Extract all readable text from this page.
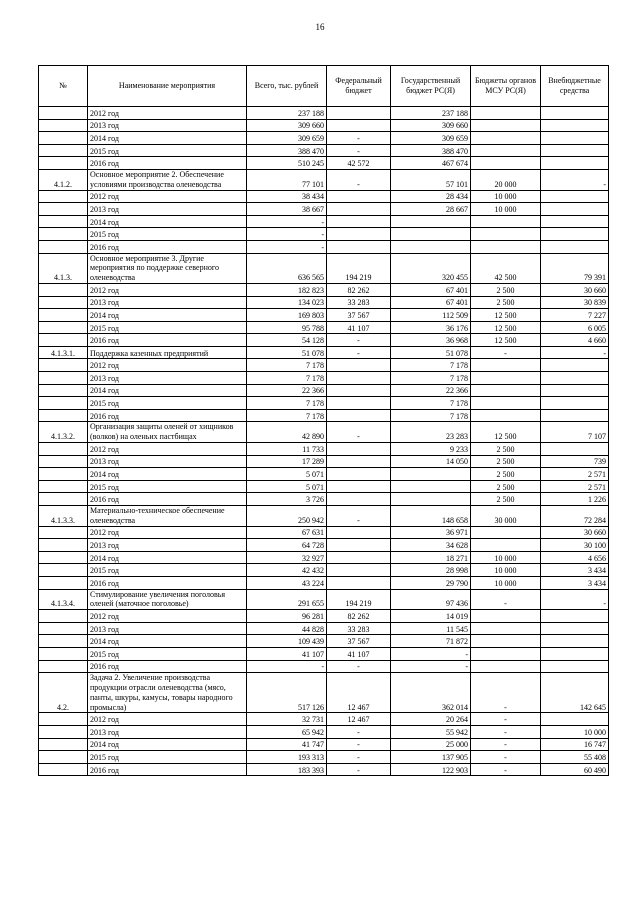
16
№	Наименование мероприятия	Всего, тыс. рублей	Федеральный бюджет	Государственный бюджет РС(Я)	Бюджеты органов МСУ РС(Я)	Внебюджетные средства
	2012 год	237 188		237 188		
	2013 год	309 660		309 660		
	2014 год	309 659	-	309 659		
	2015 год	388 470	-	388 470		
	2016 год	510 245	42 572	467 674		
4.1.2.	Основное мероприятие 2. Обеспечение условиями производства оленеводства	77 101	-	57 101	20 000	-
	2012 год	38 434		28 434	10 000	
	2013 год	38 667		28 667	10 000	
	2014 год	-				
	2015 год	-				
	2016 год	-				
4.1.3.	Основное мероприятие 3. Другие мероприятия по поддержке северного оленеводства	636 565	194 219	320 455	42 500	79 391
	2012 год	182 823	82 262	67 401	2 500	30 660
	2013 год	134 023	33 283	67 401	2 500	30 839
	2014 год	169 803	37 567	112 509	12 500	7 227
	2015 год	95 788	41 107	36 176	12 500	6 005
	2016 год	54 128	-	36 968	12 500	4 660
4.1.3.1.	Поддержка казенных предприятий	51 078	-	51 078	-	-
	2012 год	7 178		7 178		
	2013 год	7 178		7 178		
	2014 год	22 366		22 366		
	2015 год	7 178		7 178		
	2016 год	7 178		7 178		
4.1.3.2.	Организация защиты оленей от хищников (волков) на оленьих пастбищах	42 890	-	23 283	12 500	7 107
	2012 год	11 733		9 233	2 500	
	2013 год	17 289		14 050	2 500	739
	2014 год	5 071			2 500	2 571
	2015 год	5 071			2 500	2 571
	2016 год	3 726			2 500	1 226
4.1.3.3.	Материально-техническое обеспечение оленеводства	250 942	-	148 658	30 000	72 284
	2012 год	67 631		36 971		30 660
	2013 год	64 728		34 628		30 100
	2014 год	32 927		18 271	10 000	4 656
	2015 год	42 432		28 998	10 000	3 434
	2016 год	43 224		29 790	10 000	3 434
4.1.3.4.	Стимулирование увеличения поголовья оленей (маточное поголовье)	291 655	194 219	97 436	-	-
	2012 год	96 281	82 262	14 019		
	2013 год	44 828	33 283	11 545		
	2014 год	109 439	37 567	71 872		
	2015 год	41 107	41 107	-		
	2016 год	-	-	-		
4.2.	Задача 2. Увеличение производства продукции отрасли оленеводства (мясо, панты, шкуры, камусы, товары народного промысла)	517 126	12 467	362 014	-	142 645
	2012 год	32 731	12 467	20 264	-	
	2013 год	65 942	-	55 942	-	10 000
	2014 год	41 747	-	25 000	-	16 747
	2015 год	193 313	-	137 905	-	55 408
	2016 год	183 393	-	122 903	-	60 490
